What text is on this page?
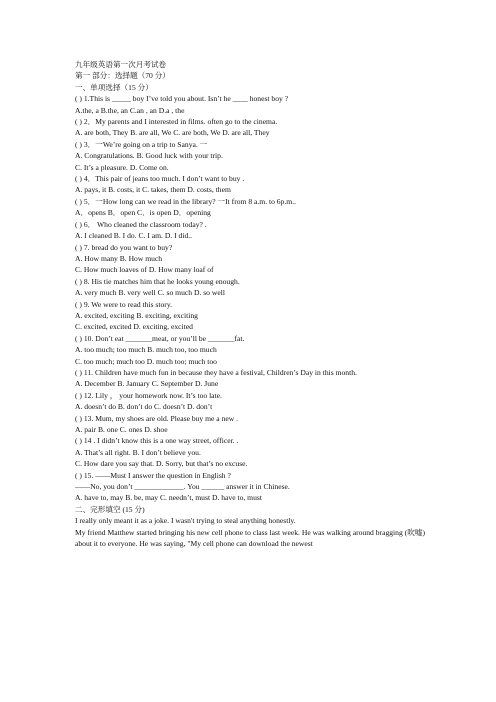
九年级英语第一次月考试卷
第一 部分：选择题（70 分）
一、单项选择（15 分）
( ) 1.This is _____ boy I’ve told you about. Isn’t he ____ honest boy ?
A.the, a B.the, an C.an , an D.a , the
( ) 2．My parents and I interested in films. often go to the cinema.
A. are both, They B. are all, We C. are both, We D. are all, They
( ) 3．一We’re going on a trip to Sanya. 一
A. Congratulations. B. Good luck with your trip.
C. It’s a pleasure. D. Come on.
( ) 4．This pair of jeans too much. I don’t want to buy .
A. pays, it B. costs, it C. takes, them D. costs, them
( ) 5．一How long can we read in the library? 一It from 8 a.m. to 6p.m..
A．opens B．open C．is open D．opening
( ) 6． Who cleaned the classroom today? .
A. I cleaned B. I do. C. I am. D. I did..
( ) 7. bread do you want to buy?
A. How many B. How much
C. How much loaves of D. How many loaf of
( ) 8. His tie matches him that he looks young enough.
A. very much B. very well C. so much D. so well
( ) 9. We were to read this story.
A. excited, exciting B. exciting, exciting
C. excited, excited D. exciting, excited
( ) 10. Don’t eat _______meat, or you’ll be _______fat.
A. too much; too much B. much too, too much
C. too much; much too D. much too; much too
( ) 11. Children have much fun in because they have a festival, Children’s Day in this month.
A. December B. January C. September D. June
( ) 12. Lily ， your homework now. It’s too late.
A. doesn’t do B. don’t do C. doesn’t D. don’t
( ) 13. Mum, my shoes are old. Please buy me a new .
A. pair B. one C. ones D. shoe
( ) 14 . I didn’t know this is a one way street, officer. .
A. That’s all right. B. I don’t believe you.
C. How dare you say that. D. Sorry, but that’s no excuse.
( ) 15. ——Must I answer the question in English ?
——No, you don’t _____________. You ______ answer it in Chinese.
A. have to, may B. be, may C. needn’t, must D. have to, must
二、完形填空 (15 分)
I really only meant it as a joke. I wasn't trying to steal anything honestly.
My friend Matthew started bringing his new cell phone to class last week. He was walking around bragging (吹嘘) about it to everyone. He was saying, "My cell phone can download the newest
